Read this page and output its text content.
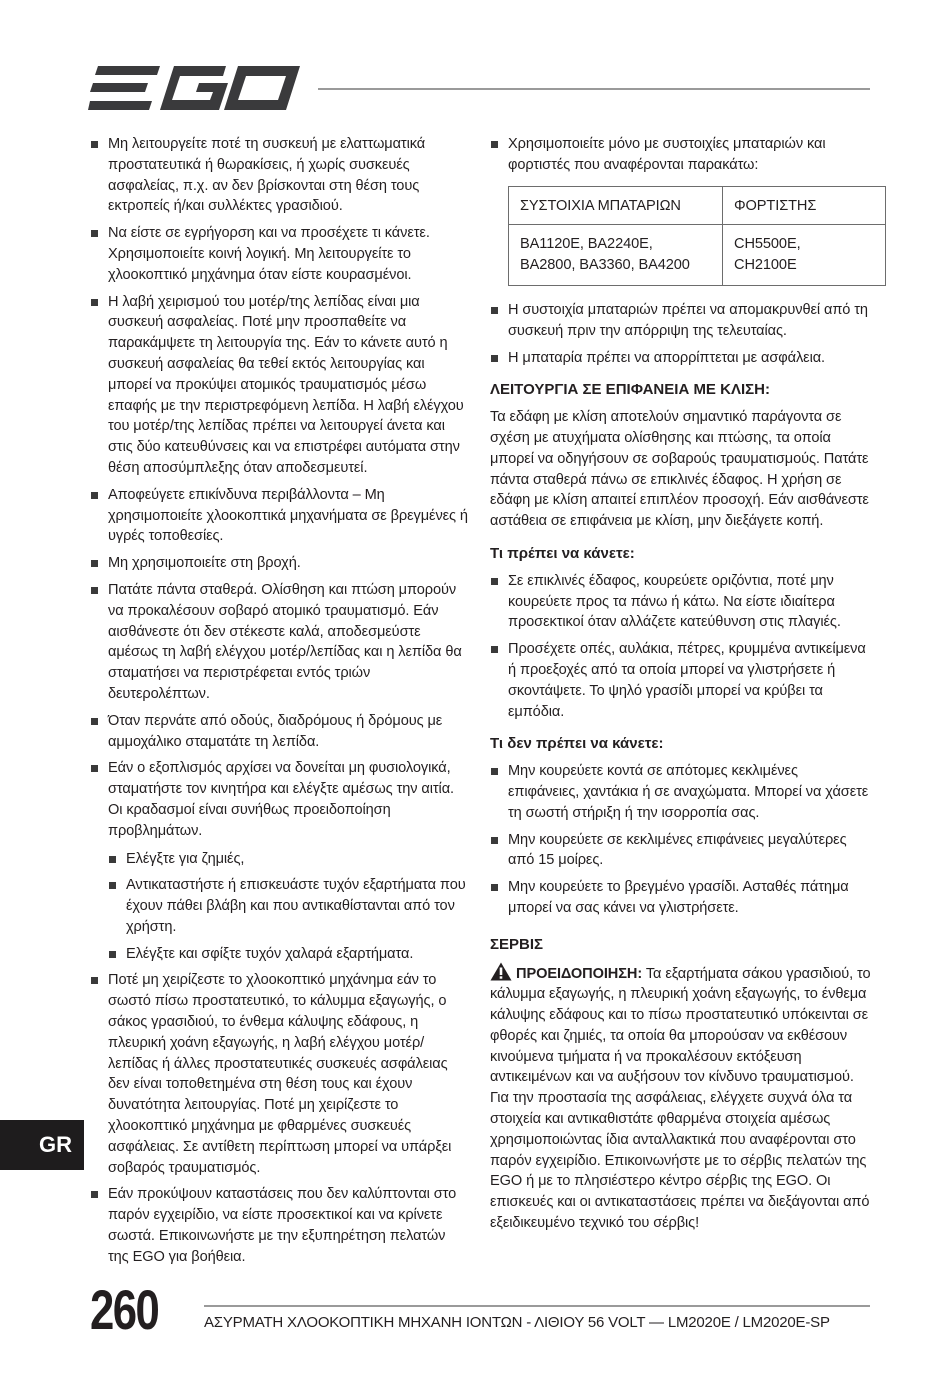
Μη λειτουργείτε ποτέ τη συσκευή με ελαττωματικά προστατευτικά ή θωρακίσεις, ή χωρίς συσκευές ασφαλείας, π.χ. αν δεν βρίσκονται στη θέση τους εκτροπείς ή/και συλλέκτες γρασιδιού.
Να είστε σε εγρήγορση και να προσέχετε τι κάνετε. Χρησιμοποιείτε κοινή λογική. Μη λειτουργείτε το χλοοκοπτικό μηχάνημα όταν είστε κουρασμένοι.
Η λαβή χειρισμού του μοτέρ/της λεπίδας είναι μια συσκευή ασφαλείας. Ποτέ μην προσπαθείτε να παρακάμψετε τη λειτουργία της. Εάν το κάνετε αυτό η συσκευή ασφαλείας θα τεθεί εκτός λειτουργίας και μπορεί να προκύψει ατομικός τραυματισμός μέσω επαφής με την περιστρεφόμενη λεπίδα. Η λαβή ελέγχου του μοτέρ/της λεπίδας πρέπει να λειτουργεί άνετα και στις δύο κατευθύνσεις και να επιστρέφει αυτόματα στην θέση αποσύμπλεξης όταν αποδεσμευτεί.
Αποφεύγετε επικίνδυνα περιβάλλοντα – Μη χρησιμοποιείτε χλοοκοπτικά μηχανήματα σε βρεγμένες ή υγρές τοποθεσίες.
Μη χρησιμοποιείτε στη βροχή.
Πατάτε πάντα σταθερά. Ολίσθηση και πτώση μπορούν να προκαλέσουν σοβαρό ατομικό τραυματισμό. Εάν αισθάνεστε ότι δεν στέκεστε καλά, αποδεσμεύστε αμέσως τη λαβή ελέγχου μοτέρ/λεπίδας και η λεπίδα θα σταματήσει να περιστρέφεται εντός τριών δευτερολέπτων.
Όταν περνάτε από οδούς, διαδρόμους ή δρόμους με αμμοχάλικο σταματάτε τη λεπίδα.
Εάν ο εξοπλισμός αρχίσει να δονείται μη φυσιολογικά, σταματήστε τον κινητήρα και ελέγξτε αμέσως την αιτία. Οι κραδασμοί είναι συνήθως προειδοποίηση προβλημάτων.
Ελέγξτε για ζημιές,
Αντικαταστήστε ή επισκευάστε τυχόν εξαρτήματα που έχουν πάθει βλάβη και που αντικαθίστανται από τον χρήστη.
Ελέγξτε και σφίξτε τυχόν χαλαρά εξαρτήματα.
Ποτέ μη χειρίζεστε το χλοοκοπτικό μηχάνημα εάν το σωστό πίσω προστατευτικό, το κάλυμμα εξαγωγής, ο σάκος γρασιδιού, το ένθεμα κάλυψης εδάφους, η πλευρική χοάνη εξαγωγής, η λαβή ελέγχου μοτέρ/λεπίδας ή άλλες προστατευτικές συσκευές ασφάλειας δεν είναι τοποθετημένα στη θέση τους και έχουν δυνατότητα λειτουργίας. Ποτέ μη χειρίζεστε το χλοοκοπτικό μηχάνημα με φθαρμένες συσκευές ασφάλειας. Σε αντίθετη περίπτωση μπορεί να υπάρξει σοβαρός τραυματισμός.
Εάν προκύψουν καταστάσεις που δεν καλύπτονται στο παρόν εγχειρίδιο, να είστε προσεκτικοί και να κρίνετε σωστά. Επικοινωνήστε με την εξυπηρέτηση πελατών της EGO για βοήθεια.
Χρησιμοποιείτε μόνο με συστοιχίες μπαταριών και φορτιστές που αναφέρονται παρακάτω:
ΣΥΣΤΟΙΧΙΑ ΜΠΑΤΑΡΙΩΝ	ΦΟΡΤΙΣΤΗΣ
BA1120E, BA2240E,
BA2800, BA3360, BA4200	CH5500E,
CH2100E
Η συστοιχία μπαταριών πρέπει να απομακρυνθεί από τη συσκευή πριν την απόρριψη της τελευταίας.
Η μπαταρία πρέπει να απορρίπτεται με ασφάλεια.
ΛΕΙΤΟΥΡΓΙΑ ΣΕ ΕΠΙΦΑΝΕΙΑ ΜΕ ΚΛΙΣΗ:

Τα εδάφη με κλίση αποτελούν σημαντικό παράγοντα σε σχέση με ατυχήματα ολίσθησης και πτώσης, τα οποία μπορεί να οδηγήσουν σε σοβαρούς τραυματισμούς. Πατάτε πάντα σταθερά πάνω σε επικλινές έδαφος. Η χρήση σε εδάφη με κλίση απαιτεί επιπλέον προσοχή. Εάν αισθάνεστε αστάθεια σε επιφάνεια με κλίση, μην διεξάγετε κοπή.

Τι πρέπει να κάνετε:
Σε επικλινές έδαφος, κουρεύετε οριζόντια, ποτέ μην κουρεύετε προς τα πάνω ή κάτω. Να είστε ιδιαίτερα προσεκτικοί όταν αλλάζετε κατεύθυνση στις πλαγιές.
Προσέχετε οπές, αυλάκια, πέτρες, κρυμμένα αντικείμενα ή προεξοχές από τα οποία μπορεί να γλιστρήσετε ή σκοντάψετε. Το ψηλό γρασίδι μπορεί να κρύβει τα εμπόδια.
Τι δεν πρέπει να κάνετε:
Μην κουρεύετε κοντά σε απότομες κεκλιμένες επιφάνειες, χαντάκια ή σε αναχώματα. Μπορεί να χάσετε τη σωστή στήριξη ή την ισορροπία σας.
Μην κουρεύετε σε κεκλιμένες επιφάνειες μεγαλύτερες από 15 μοίρες.
Μην κουρεύετε το βρεγμένο γρασίδι. Ασταθές πάτημα μπορεί να σας κάνει να γλιστρήσετε.
ΣΕΡΒΙΣ

ΠΡΟΕΙΔΟΠΟΙΗΣΗ: Τα εξαρτήματα σάκου γρασιδιού, το κάλυμμα εξαγωγής, η πλευρική χοάνη εξαγωγής, το ένθεμα κάλυψης εδάφους και το πίσω προστατευτικό υπόκεινται σε φθορές και ζημιές, τα οποία θα μπορούσαν να εκθέσουν κινούμενα τμήματα ή να προκαλέσουν εκτόξευση αντικειμένων και να αυξήσουν τον κίνδυνο τραυματισμού. Για την προστασία της ασφάλειας, ελέγχετε συχνά όλα τα στοιχεία και αντικαθιστάτε φθαρμένα στοιχεία αμέσως χρησιμοποιώντας ίδια ανταλλακτικά που αναφέρονται στο παρόν εγχειρίδιο. Επικοινωνήστε με το σέρβις πελατών της EGO ή με το πλησιέστερο κέντρο σέρβις της EGO. Οι επισκευές και οι αντικαταστάσεις πρέπει να διεξάγονται από εξειδικευμένο τεχνικό του σέρβις!

GR
260	ΑΣΥΡΜΑΤΗ ΧΛΟΟΚΟΠΤΙΚΗ ΜΗΧΑΝΗ ΙΟΝΤΩΝ - ΛΙΘΙΟΥ 56 VOLT — LM2020E / LM2020E-SP
